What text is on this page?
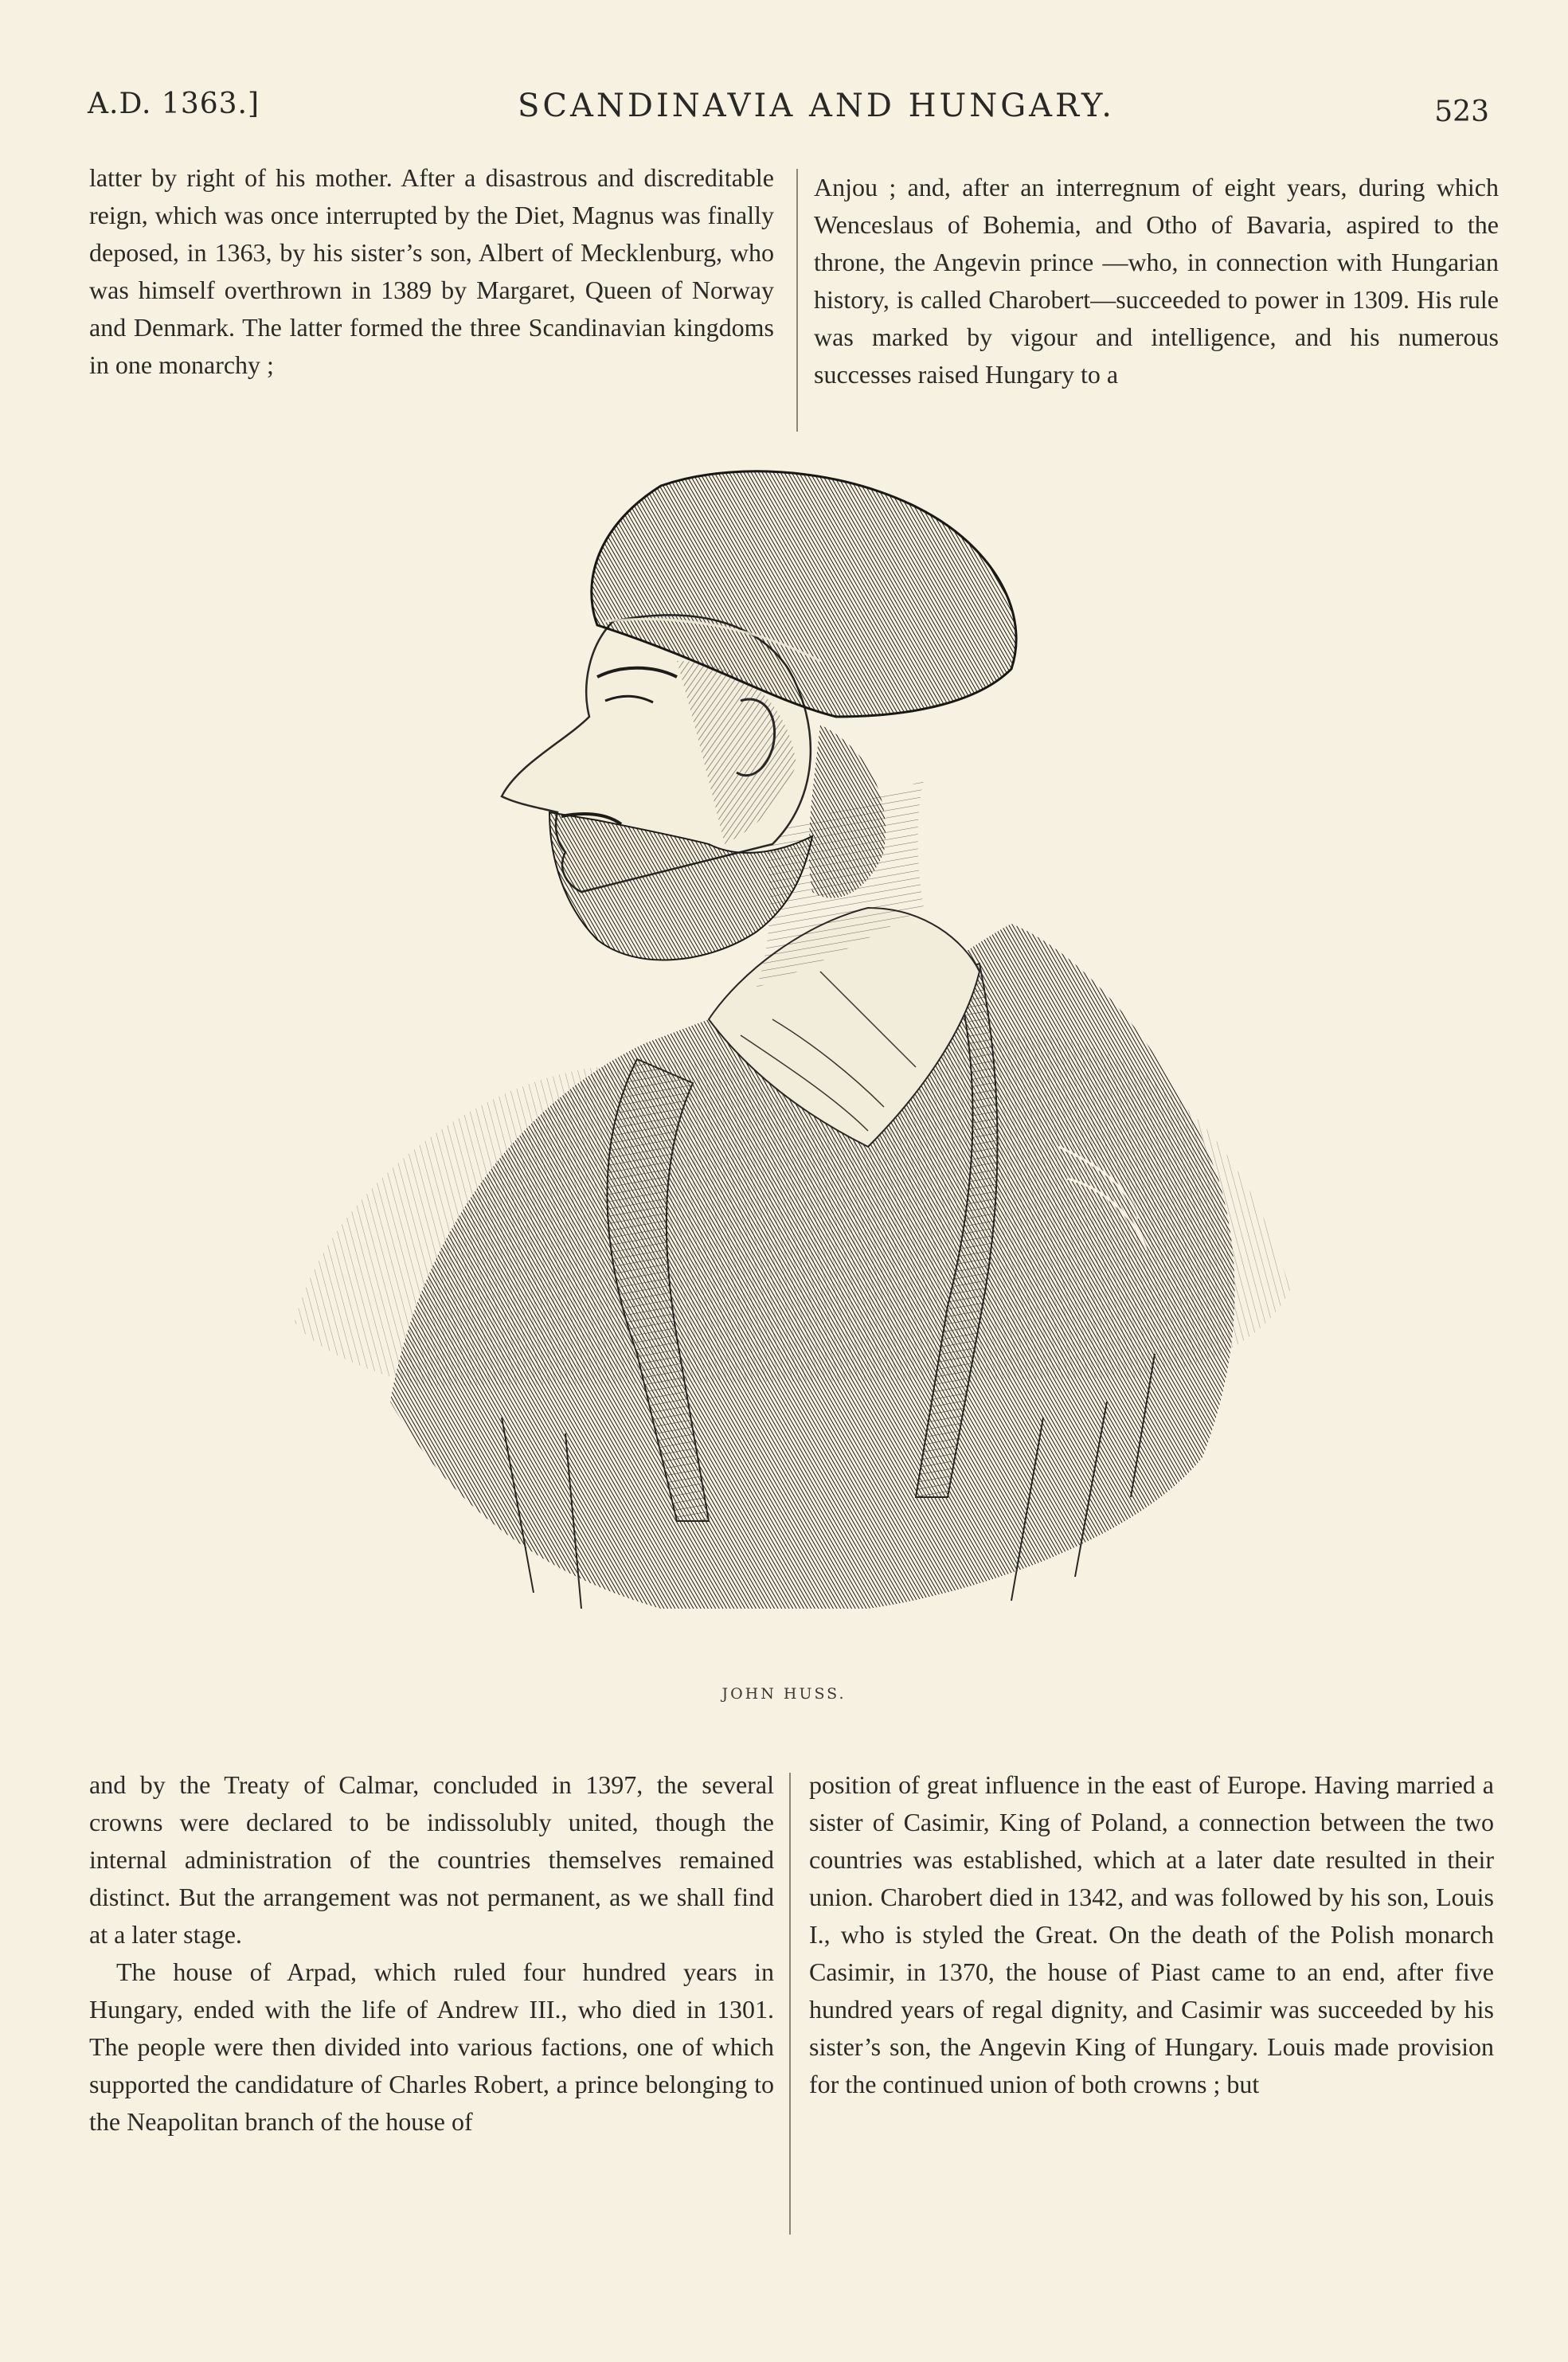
A.D. 1363.]	SCANDINAVIA AND HUNGARY.	523

latter by right of his mother. After a disastrous and discreditable reign, which was once interrupted by the Diet, Magnus was finally deposed, in 1363, by his sister’s son, Albert of Mecklenburg, who was himself overthrown in 1389 by Margaret, Queen of Norway and Denmark. The latter formed the three Scandinavian kingdoms in one monarchy ;

Anjou ; and, after an interregnum of eight years, during which Wenceslaus of Bohemia, and Otho of Bavaria, aspired to the throne, the Angevin prince —who, in connection with Hungarian history, is called Charobert—succeeded to power in 1309. His rule was marked by vigour and intelligence, and his numerous successes raised Hungary to a

JOHN HUSS.

and by the Treaty of Calmar, concluded in 1397, the several crowns were declared to be indissolubly united, though the internal administration of the countries themselves remained distinct. But the arrangement was not permanent, as we shall find at a later stage.

The house of Arpad, which ruled four hundred years in Hungary, ended with the life of Andrew III., who died in 1301. The people were then divided into various factions, one of which supported the candidature of Charles Robert, a prince belonging to the Neapolitan branch of the house of

position of great influence in the east of Europe. Having married a sister of Casimir, King of Poland, a connection between the two countries was established, which at a later date resulted in their union. Charobert died in 1342, and was followed by his son, Louis I., who is styled the Great. On the death of the Polish monarch Casimir, in 1370, the house of Piast came to an end, after five hundred years of regal dignity, and Casimir was succeeded by his sister’s son, the Angevin King of Hungary. Louis made provision for the continued union of both crowns ; but
